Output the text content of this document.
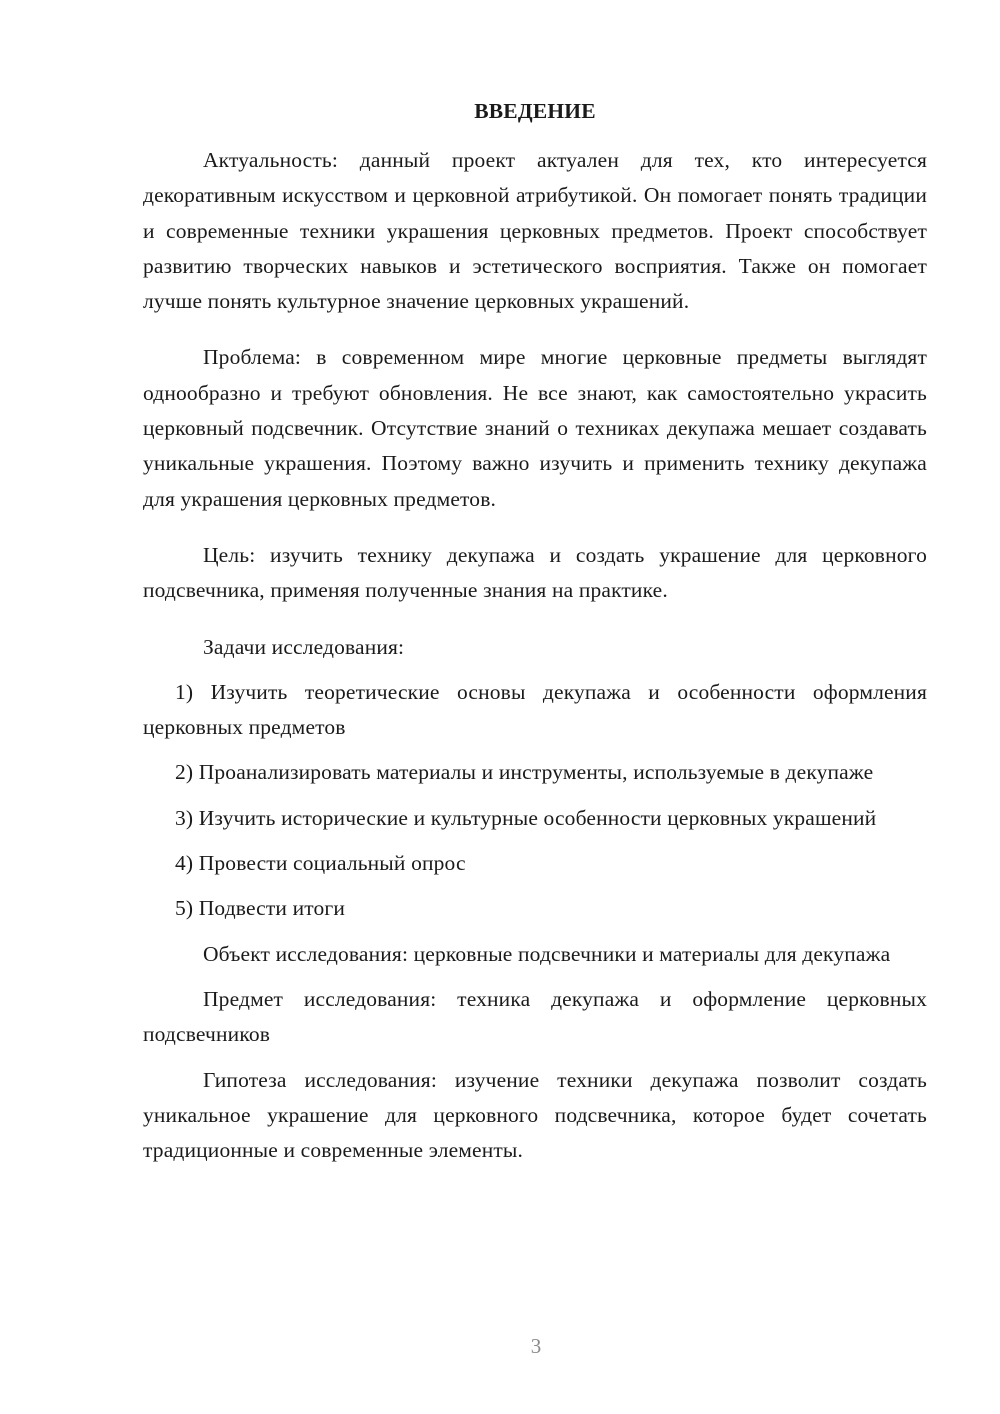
ВВЕДЕНИЕ

Актуальность: данный проект актуален для тех, кто интересуется декоративным искусством и церковной атрибутикой. Он помогает понять традиции и современные техники украшения церковных предметов. Проект способствует развитию творческих навыков и эстетического восприятия. Также он помогает лучше понять культурное значение церковных украшений.

Проблема: в современном мире многие церковные предметы выглядят однообразно и требуют обновления. Не все знают, как самостоятельно украсить церковный подсвечник. Отсутствие знаний о техниках декупажа мешает создавать уникальные украшения. Поэтому важно изучить и применить технику декупажа для украшения церковных предметов.

Цель: изучить технику декупажа и создать украшение для церковного подсвечника, применяя полученные знания на практике.

Задачи исследования:

1) Изучить теоретические основы декупажа и особенности оформления церковных предметов

2) Проанализировать материалы и инструменты, используемые в декупаже

3) Изучить исторические и культурные особенности церковных украшений

4) Провести социальный опрос

5) Подвести итоги

Объект исследования: церковные подсвечники и материалы для декупажа

Предмет исследования: техника декупажа и оформление церковных подсвечников

Гипотеза исследования: изучение техники декупажа позволит создать уникальное украшение для церковного подсвечника, которое будет сочетать традиционные и современные элементы.

3
